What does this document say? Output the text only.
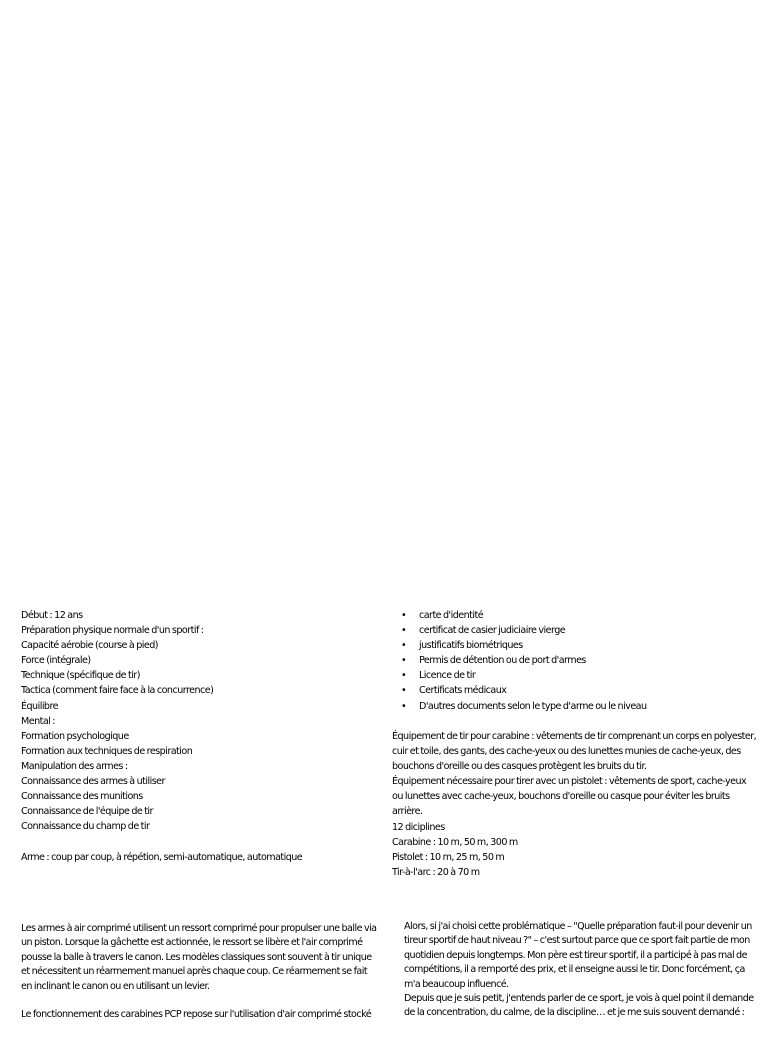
Début : 12 ans
Préparation physique normale d'un sportif :
Capacité aérobie (course à pied)
Force (intégrale)
Technique (spécifique de tir)
Tactica (comment faire face à la concurrence)
Équilibre
Mental :
Formation psychologique
Formation aux techniques de respiration
Manipulation des armes :
Connaissance des armes à utiliser
Connaissance des munitions
Connaissance de l'équipe de tir
Connaissance du champ de tir
Arme : coup par coup, à répétion, semi-automatique, automatique
• carte d'identité
• certificat de casier judiciaire vierge
• justificatifs biométriques
• Permis de détention ou de port d'armes
• Licence de tir
• Certificats médicaux
• D'autres documents selon le type d'arme ou le niveau

Équipement de tir pour carabine : vêtements de tir comprenant un corps en polyester, cuir et toile, des gants, des cache-yeux ou des lunettes munies de cache-yeux, des bouchons d'oreille ou des casques protègent les bruits du tir.

Équipement nécessaire pour tirer avec un pistolet : vêtements de sport, cache-yeux ou lunettes avec cache-yeux, bouchons d'oreille ou casque pour éviter les bruits arrière.

12 diciplines
Carabine : 10 m, 50 m, 300 m
Pistolet : 10 m, 25 m, 50 m
Tir-à-l'arc : 20 à 70 m

Les armes à air comprimé utilisent un ressort comprimé pour propulser une balle via un piston. Lorsque la gâchette est actionnée, le ressort se libère et l'air comprimé pousse la balle à travers le canon. Les modèles classiques sont souvent à tir unique et nécessitent un réarmement manuel après chaque coup. Ce réarmement se fait en inclinant le canon ou en utilisant un levier.

Le fonctionnement des carabines PCP repose sur l'utilisation d'air comprimé stocké

Alors, si j'ai choisi cette problématique – "Quelle préparation faut-il pour devenir un tireur sportif de haut niveau ?" – c'est surtout parce que ce sport fait partie de mon quotidien depuis longtemps. Mon père est tireur sportif, il a participé à pas mal de compétitions, il a remporté des prix, et il enseigne aussi le tir. Donc forcément, ça m'a beaucoup influencé.

Depuis que je suis petit, j'entends parler de ce sport, je vois à quel point il demande de la concentration, du calme, de la discipline… et je me suis souvent demandé :
